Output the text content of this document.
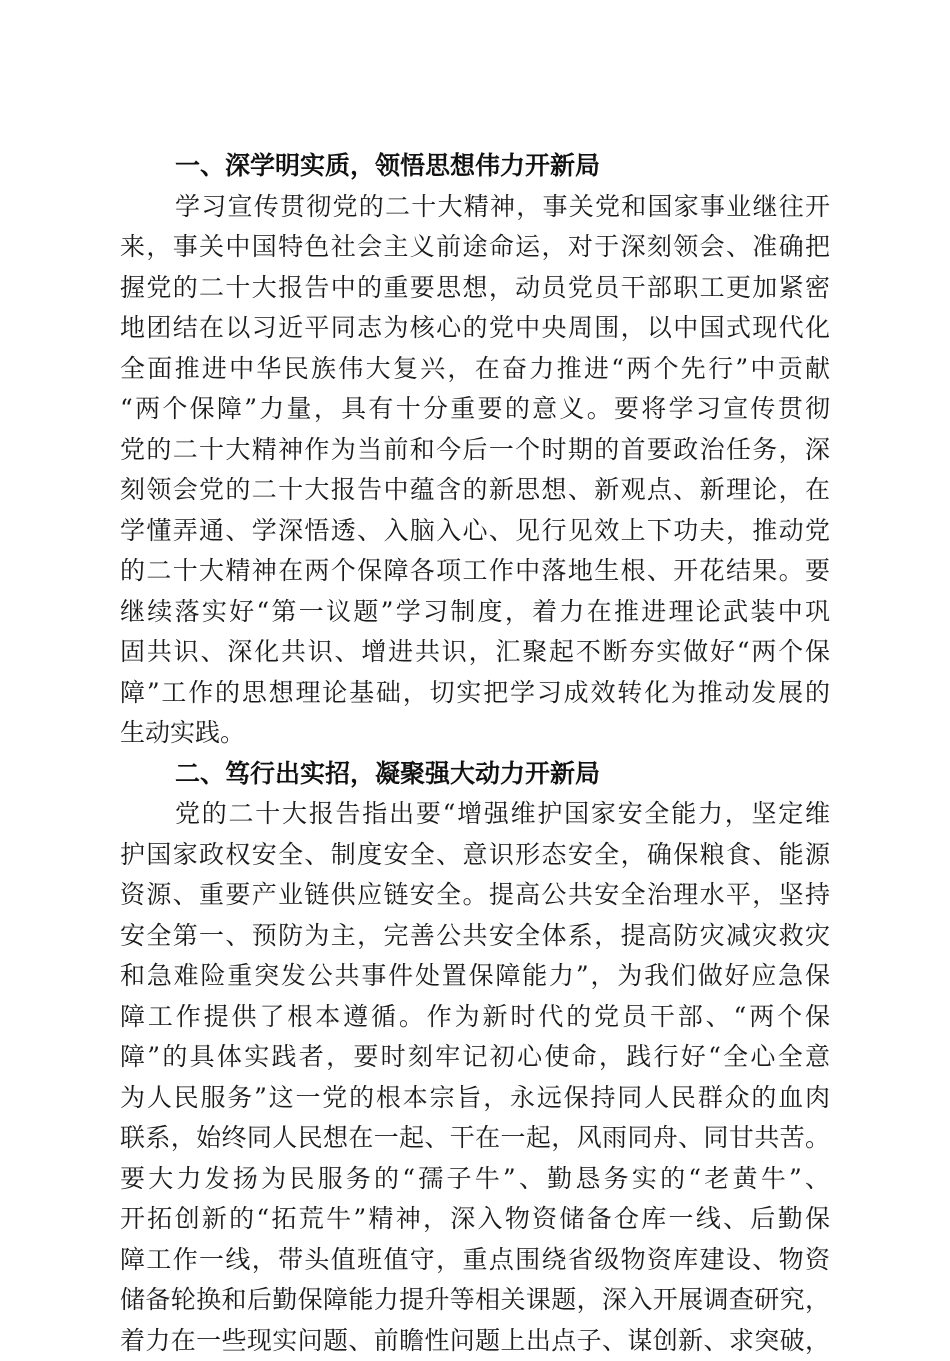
一、深学明实质，领悟思想伟力开新局
学习宣传贯彻党的二十大精神，事关党和国家事业继往开
来，事关中国特色社会主义前途命运，对于深刻领会、准确把
握党的二十大报告中的重要思想，动员党员干部职工更加紧密
地团结在以习近平同志为核心的党中央周围，以中国式现代化
全面推进中华民族伟大复兴，在奋力推进“两个先行”中贡献
“两个保障”力量，具有十分重要的意义。要将学习宣传贯彻
党的二十大精神作为当前和今后一个时期的首要政治任务，深
刻领会党的二十大报告中蕴含的新思想、新观点、新理论，在
学懂弄通、学深悟透、入脑入心、见行见效上下功夫，推动党
的二十大精神在两个保障各项工作中落地生根、开花结果。要
继续落实好“第一议题”学习制度，着力在推进理论武装中巩
固共识、深化共识、增进共识，汇聚起不断夯实做好“两个保
障”工作的思想理论基础，切实把学习成效转化为推动发展的
生动实践。
二、笃行出实招，凝聚强大动力开新局
党的二十大报告指出要“增强维护国家安全能力，坚定维
护国家政权安全、制度安全、意识形态安全，确保粮食、能源
资源、重要产业链供应链安全。提高公共安全治理水平，坚持
安全第一、预防为主，完善公共安全体系，提高防灾减灾救灾
和急难险重突发公共事件处置保障能力”，为我们做好应急保
障工作提供了根本遵循。作为新时代的党员干部、“两个保
障”的具体实践者，要时刻牢记初心使命，践行好“全心全意
为人民服务”这一党的根本宗旨，永远保持同人民群众的血肉
联系，始终同人民想在一起、干在一起，风雨同舟、同甘共苦。
要大力发扬为民服务的“孺子牛”、勤恳务实的“老黄牛”、
开拓创新的“拓荒牛”精神，深入物资储备仓库一线、后勤保
障工作一线，带头值班值守，重点围绕省级物资库建设、物资
储备轮换和后勤保障能力提升等相关课题，深入开展调查研究，
着力在一些现实问题、前瞻性问题上出点子、谋创新、求突破，
